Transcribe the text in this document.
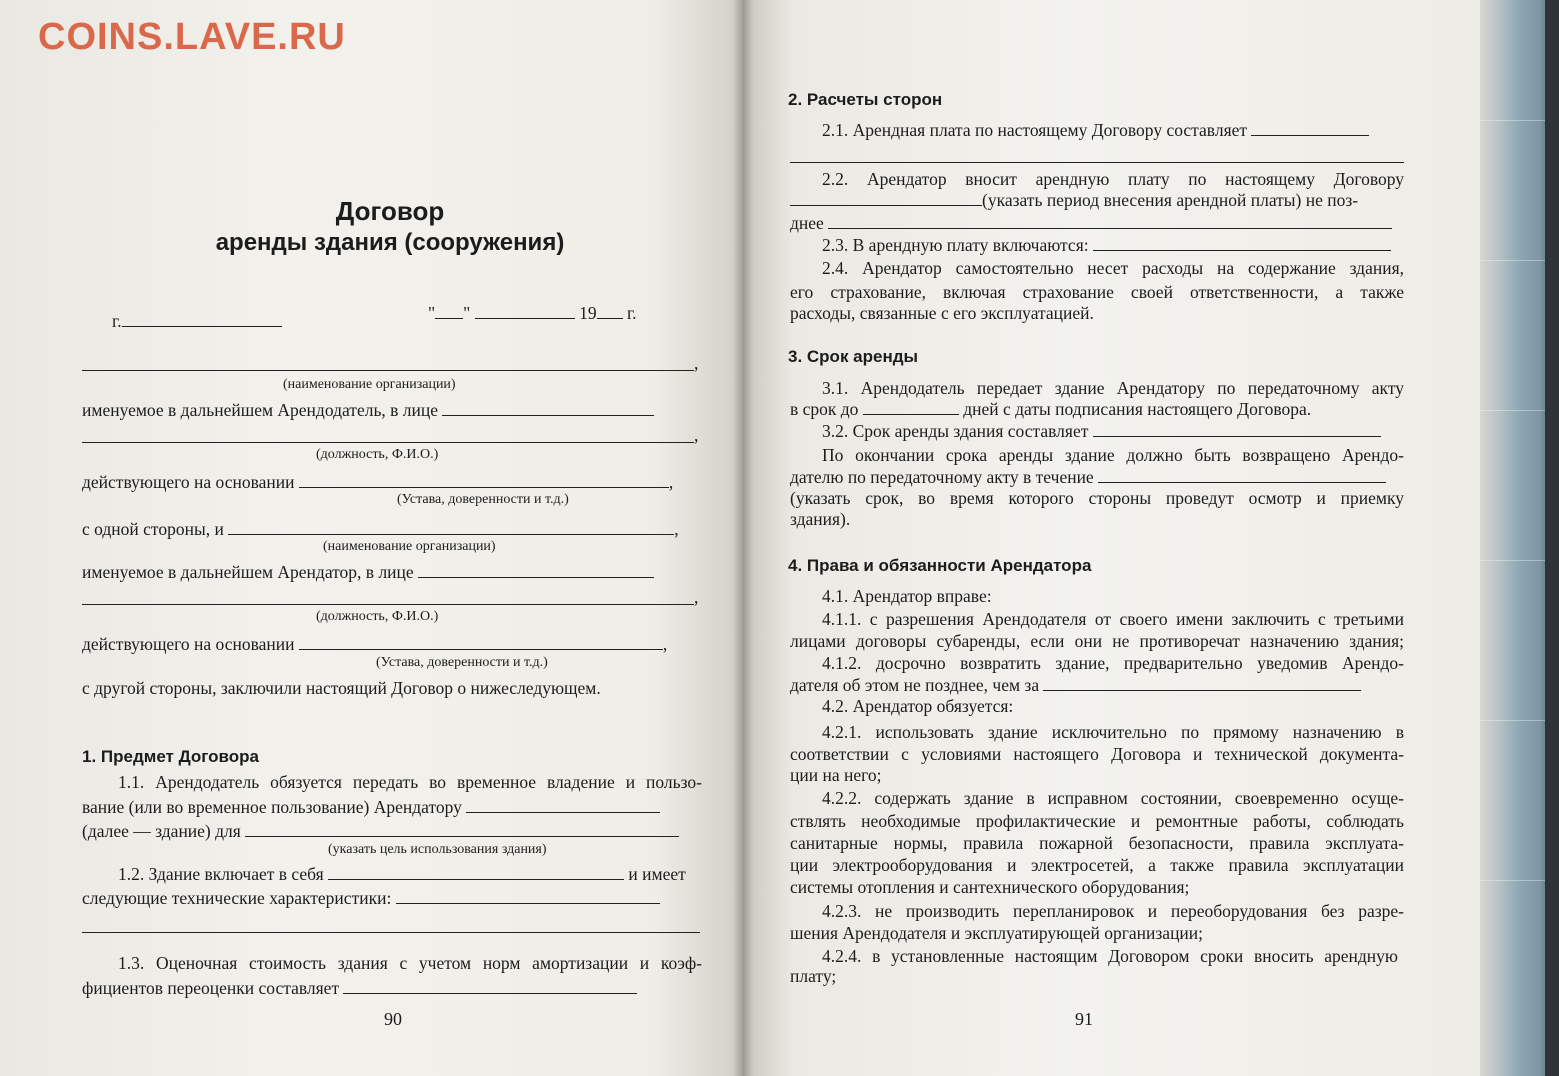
Договор
аренды здания (сооружения)
г.	" "	19 г.
,
(наименование организации)
именуемое в дальнейшем Арендодатель, в лице
,
(должность, Ф.И.О.)
действующего на основании	,
(Устава, доверенности и т.д.)
с одной стороны, и	,
(наименование организации)
именуемое в дальнейшем Арендатор, в лице
,
(должность, Ф.И.О.)
действующего на основании	,
(Устава, доверенности и т.д.)
с другой стороны, заключили настоящий Договор о нижеследующем.
1. Предмет Договора
1.1. Арендодатель обязуется передать во временное владение и пользо-
вание (или во временное пользование) Арендатору
(далее — здание) для
(указать цель использования здания)
1.2. Здание включает в себя	и имеет
следующие технические характеристики:
1.3. Оценочная стоимость здания с учетом норм амортизации и коэф-
фициентов переоценки составляет
90
2. Расчеты сторон
2.1. Арендная плата по настоящему Договору составляет
2.2. Арендатор вносит арендную плату по настоящему Договору
(указать период внесения арендной платы) не поз-
днее
2.3. В арендную плату включаются:
2.4. Арендатор самостоятельно несет расходы на содержание здания,
его страхование, включая страхование своей ответственности, а также
расходы, связанные с его эксплуатацией.
3. Срок аренды
3.1. Арендодатель передает здание Арендатору по передаточному акту
в срок до	дней с даты подписания настоящего Договора.
3.2. Срок аренды здания составляет
По окончании срока аренды здание должно быть возвращено Арендо-
дателю по передаточному акту в течение
(указать срок, во время которого стороны проведут осмотр и приемку
здания).
4. Права и обязанности Арендатора
4.1. Арендатор вправе:
4.1.1. с разрешения Арендодателя от своего имени заключить с третьими
лицами договоры субаренды, если они не противоречат назначению здания;
4.1.2. досрочно возвратить здание, предварительно уведомив Арендо-
дателя об этом не позднее, чем за
4.2. Арендатор обязуется:
4.2.1. использовать здание исключительно по прямому назначению в
соответствии с условиями настоящего Договора и технической документа-
ции на него;
4.2.2. содержать здание в исправном состоянии, своевременно осуще-
ствлять необходимые профилактические и ремонтные работы, соблюдать
санитарные нормы, правила пожарной безопасности, правила эксплуата-
ции электрооборудования и электросетей, а также правила эксплуатации
системы отопления и сантехнического оборудования;
4.2.3. не производить перепланировок и переоборудования без разре-
шения Арендодателя и эксплуатирующей организации;
4.2.4. в установленные настоящим Договором сроки вносить арендную
плату;
91
COINS.LAVE.RU
